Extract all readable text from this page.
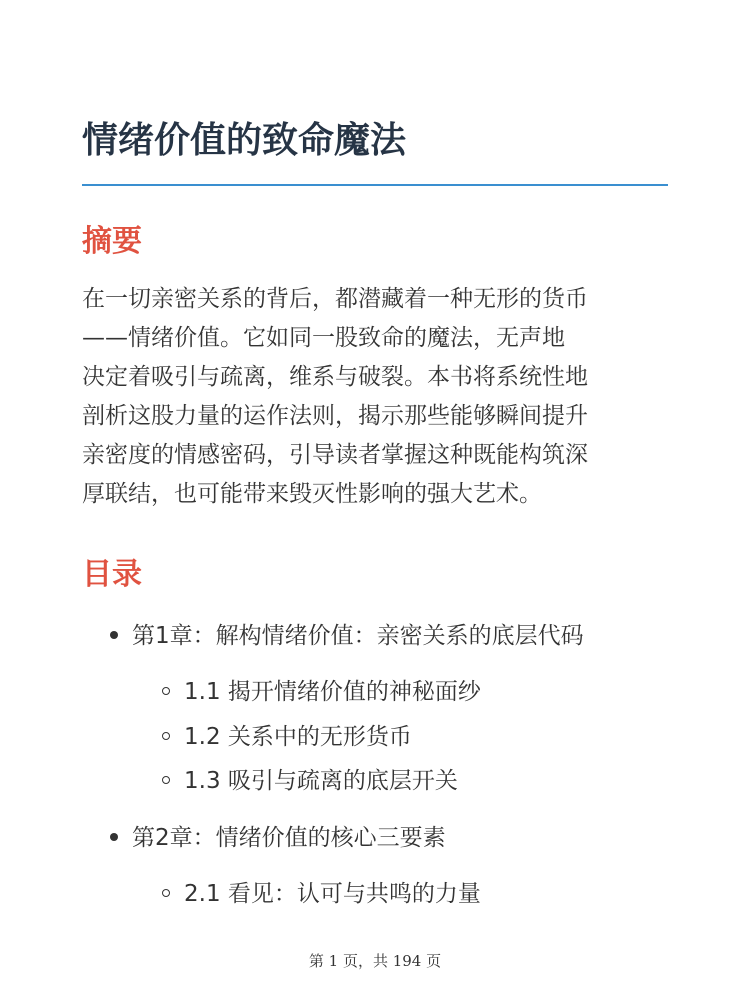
情绪价值的致命魔法
摘要

在一切亲密关系的背后，都潜藏着一种无形的货币
——情绪价值。它如同一股致命的魔法，无声地
决定着吸引与疏离，维系与破裂。本书将系统性地
剖析这股力量的运作法则，揭示那些能够瞬间提升
亲密度的情感密码，引导读者掌握这种既能构筑深
厚联结，也可能带来毁灭性影响的强大艺术。

目录
第1章：解构情绪价值：亲密关系的底层代码
1.1 揭开情绪价值的神秘面纱
1.2 关系中的无形货币
1.3 吸引与疏离的底层开关
第2章：情绪价值的核心三要素
2.1 看见：认可与共鸣的力量
第 1 页，共 194 页
